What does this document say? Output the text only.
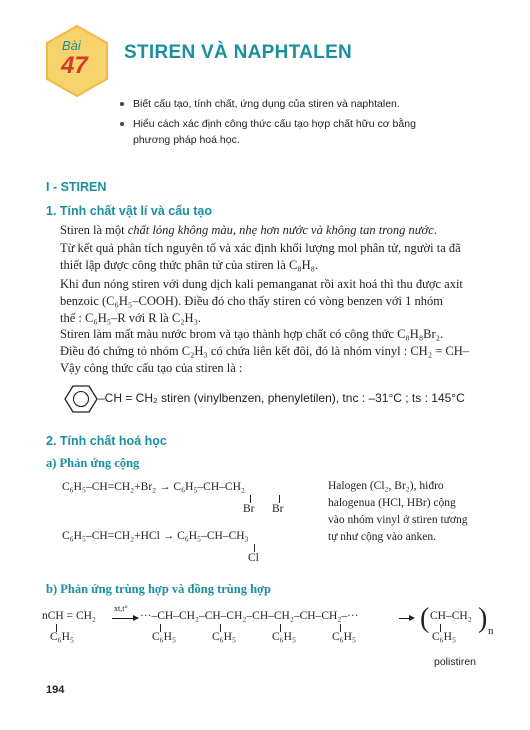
Bài
47 STIREN VÀ NAPHTALEN
Biết cấu tạo, tính chất, ứng dụng của stiren và naphtalen.
Hiểu cách xác định công thức cấu tạo hợp chất hữu cơ bằng
phương pháp hoá học.
I - STIREN
1. Tính chất vật lí và cấu tạo
Stiren là một chất lỏng không màu, nhẹ hơn nước và không tan trong nước.
Từ kết quả phân tích nguyên tố và xác định khối lượng mol phân tử, người ta đã
thiết lập được công thức phân tử của stiren là C₈H₈.
Khi đun nóng stiren với dung dịch kali pemanganat rồi axit hoá thì thu được axit
benzoic (C₆H₅–COOH). Điều đó cho thấy stiren có vòng benzen với 1 nhóm
thế : C₆H₅–R với R là C₂H₃.
Stiren làm mất màu nước brom và tạo thành hợp chất có công thức C₈H₈Br₂.
Điều đó chứng tỏ nhóm C₂H₃ có chứa liên kết đôi, đó là nhóm vinyl : CH₂ = CH–
Vậy công thức cấu tạo của stiren là :
–CH = CH₂ stiren (vinylbenzen, phenyletilen), tnc : –31°C ; ts : 145°C
2. Tính chất hoá học
a) Phản ứng cộng
C₆H₅–CH=CH₂+Br₂ → C₆H₅–CH–CH₂
Br Br
C₆H₅–CH=CH₂+HCl → C₆H₅–CH–CH₃
Cl
Halogen (Cl₂, Br₂), hiđro
halogenua (HCl, HBr) cộng
vào nhóm vinyl ở stiren tương
tự như cộng vào anken.
b) Phản ứng trùng hợp và đồng trùng hợp
nCH = CH₂
C₆H₅
xt,t°
···–CH–CH₂–CH–CH₂–CH–CH₂–CH–CH₂–···
C₆H₅	C₆H₅	C₆H₅	C₆H₅
( CH–CH₂
C₆H₅
) n
polistiren
194
